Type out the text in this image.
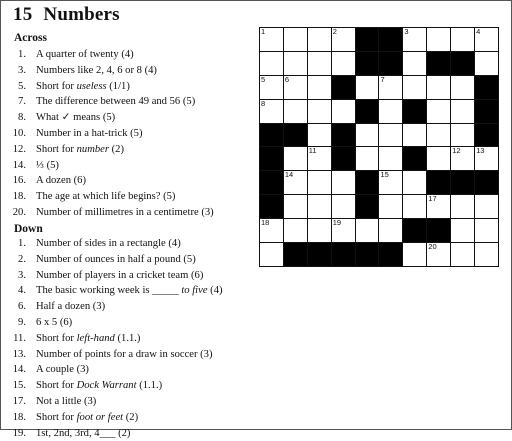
15 Numbers
Across
1. A quarter of twenty (4)
3. Numbers like 2, 4, 6 or 8 (4)
5. Short for useless (1/1)
7. The difference between 49 and 56 (5)
8. What ✓ means (5)
10. Number in a hat-trick (5)
12. Short for number (2)
14. ⅓ (5)
16. A dozen (6)
18. The age at which life begins? (5)
20. Number of millimetres in a centimetre (3)
Down
1. Number of sides in a rectangle (4)
2. Number of ounces in half a pound (5)
3. Number of players in a cricket team (6)
4. The basic working week is _____ to five (4)
6. Half a dozen (3)
9. 6 x 5 (6)
11. Short for left-hand (1.1.)
13. Number of points for a draw in soccer (3)
14. A couple (3)
15. Short for Dock Warrant (1.1.)
17. Not a little (3)
18. Short for foot or feet (2)
19. 1st, 2nd, 3rd, 4___ (2)
1	2	3	4
5	6	7
8
11	12 13
14	15
17
18	19
20
